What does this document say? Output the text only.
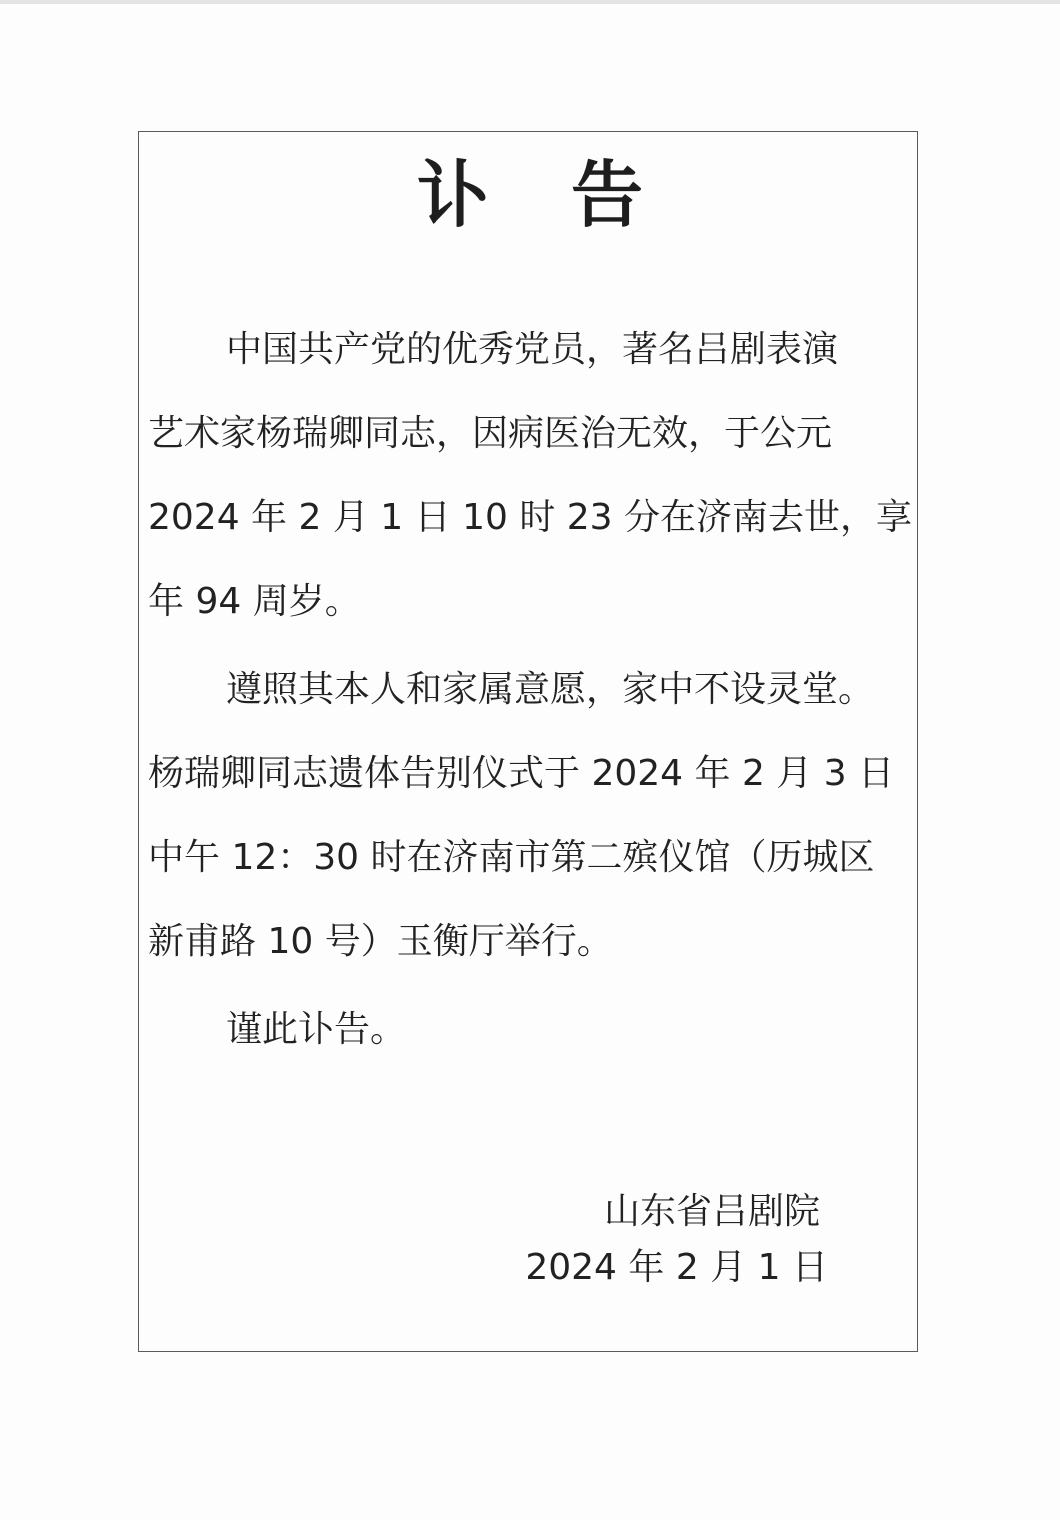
讣告
中国共产党的优秀党员，著名吕剧表演
艺术家杨瑞卿同志，因病医治无效，于公元
2024 年 2 月 1 日 10 时 23 分在济南去世，享
年 94 周岁。
遵照其本人和家属意愿，家中不设灵堂。
杨瑞卿同志遗体告别仪式于 2024 年 2 月 3 日
中午 12：30 时在济南市第二殡仪馆（历城区
新甫路 10 号）玉衡厅举行。
谨此讣告。
山东省吕剧院
2024 年 2 月 1 日
